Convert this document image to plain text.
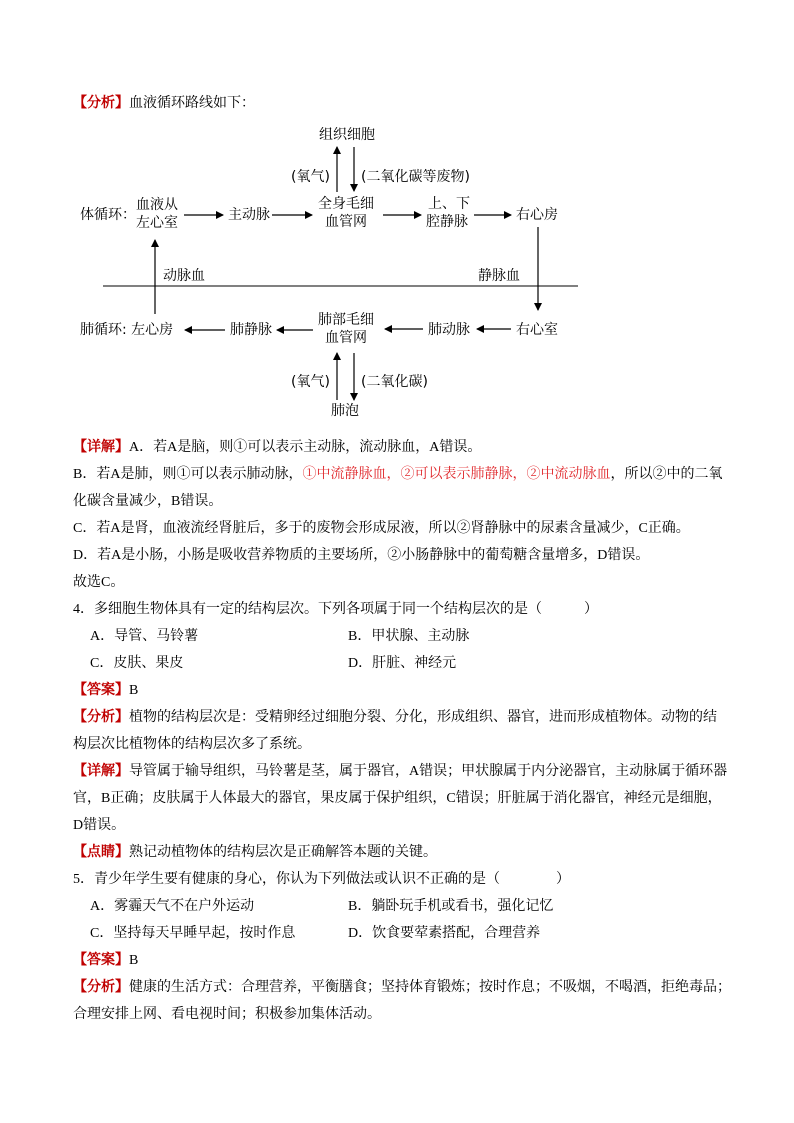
【分析】血液循环路线如下：
组织细胞
(氧气) (二氧化碳等废物)
体循环：
血液从
左心室	主动脉
全身毛细
血管网
上、下
腔静脉	右心房
动脉血	静脉血
肺循环: 左心房	肺静脉
肺部毛细
血管网	肺动脉	右心室
(氧气) (二氧化碳)
肺泡
【详解】A．若A是脑，则①可以表示主动脉，流动脉血，A错误。
B．若A是肺，则①可以表示肺动脉，①中流静脉血，②可以表示肺静脉，②中流动脉血，所以②中的二氧
化碳含量减少，B错误。
C．若A是肾，血液流经肾脏后，多于的废物会形成尿液，所以②肾静脉中的尿素含量减少，C正确。
D．若A是小肠，小肠是吸收营养物质的主要场所，②小肠静脉中的葡萄糖含量增多，D错误。
故选C。
4．多细胞生物体具有一定的结构层次。下列各项属于同一个结构层次的是（　　　）
A．导管、马铃薯	B．甲状腺、主动脉
C．皮肤、果皮	D．肝脏、神经元
【答案】B
【分析】植物的结构层次是：受精卵经过细胞分裂、分化，形成组织、器官，进而形成植物体。动物的结
构层次比植物体的结构层次多了系统。
【详解】导管属于输导组织，马铃薯是茎，属于器官，A错误；甲状腺属于内分泌器官，主动脉属于循环器
官，B正确；皮肤属于人体最大的器官，果皮属于保护组织，C错误；肝脏属于消化器官，神经元是细胞，
D错误。
【点睛】熟记动植物体的结构层次是正确解答本题的关键。
5．青少年学生要有健康的身心，你认为下列做法或认识不正确的是（　　　　）
A．雾霾天气不在户外运动	B．躺卧玩手机或看书，强化记忆
C．坚持每天早睡早起，按时作息	D．饮食要荤素搭配，合理营养
【答案】B
【分析】健康的生活方式：合理营养，平衡膳食；坚持体育锻炼；按时作息；不吸烟，不喝酒，拒绝毒品；
合理安排上网、看电视时间；积极参加集体活动。
